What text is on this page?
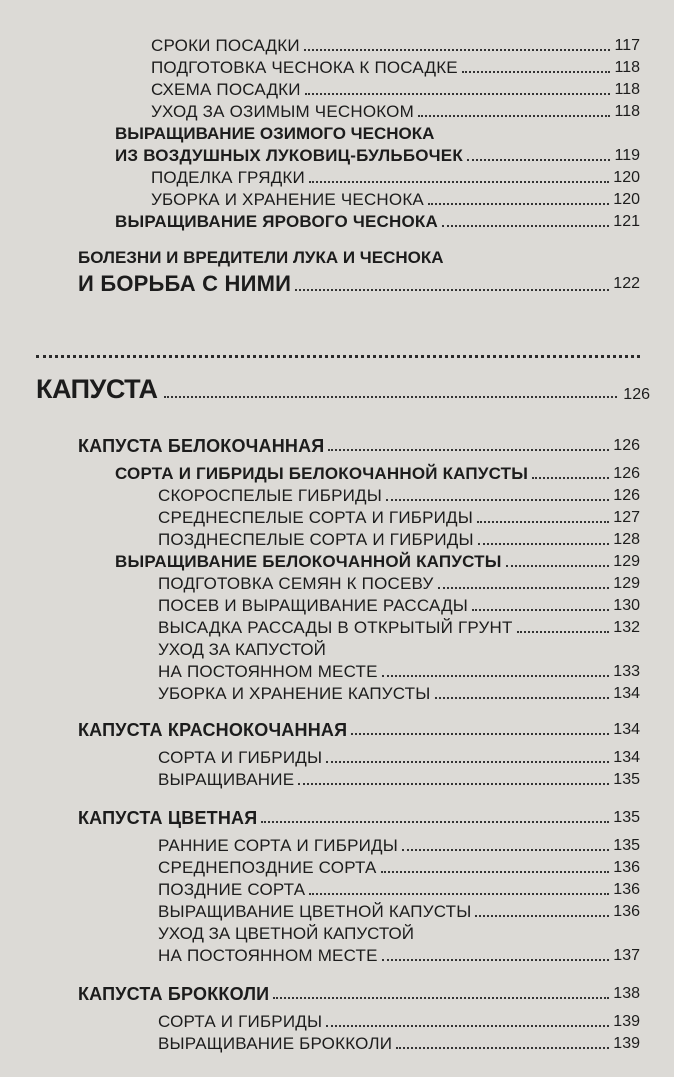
СРОКИ ПОСАДКИ	117
ПОДГОТОВКА ЧЕСНОКА К ПОСАДКЕ	118
СХЕМА ПОСАДКИ	118
УХОД ЗА ОЗИМЫМ ЧЕСНОКОМ	118
ВЫРАЩИВАНИЕ ОЗИМОГО ЧЕСНОКА
ИЗ ВОЗДУШНЫХ ЛУКОВИЦ-БУЛЬБОЧЕК	119
ПОДЕЛКА ГРЯДКИ	120
УБОРКА И ХРАНЕНИЕ ЧЕСНОКА	120
ВЫРАЩИВАНИЕ ЯРОВОГО ЧЕСНОКА	121
БОЛЕЗНИ И ВРЕДИТЕЛИ ЛУКА И ЧЕСНОКА
И БОРЬБА С НИМИ	122
КАПУСТА	126
КАПУСТА БЕЛОКОЧАННАЯ	126
СОРТА И ГИБРИДЫ БЕЛОКОЧАННОЙ КАПУСТЫ	126
СКОРОСПЕЛЫЕ ГИБРИДЫ	126
СРЕДНЕСПЕЛЫЕ СОРТА И ГИБРИДЫ	127
ПОЗДНЕСПЕЛЫЕ СОРТА И ГИБРИДЫ	128
ВЫРАЩИВАНИЕ БЕЛОКОЧАННОЙ КАПУСТЫ	129
ПОДГОТОВКА СЕМЯН К ПОСЕВУ	129
ПОСЕВ И ВЫРАЩИВАНИЕ РАССАДЫ	130
ВЫСАДКА РАССАДЫ В ОТКРЫТЫЙ ГРУНТ	132
УХОД ЗА КАПУСТОЙ
НА ПОСТОЯННОМ МЕСТЕ	133
УБОРКА И ХРАНЕНИЕ КАПУСТЫ	134
КАПУСТА КРАСНОКОЧАННАЯ	134
СОРТА И ГИБРИДЫ	134
ВЫРАЩИВАНИЕ	135
КАПУСТА ЦВЕТНАЯ	135
РАННИЕ СОРТА И ГИБРИДЫ	135
СРЕДНЕПОЗДНИЕ СОРТА	136
ПОЗДНИЕ СОРТА	136
ВЫРАЩИВАНИЕ ЦВЕТНОЙ КАПУСТЫ	136
УХОД ЗА ЦВЕТНОЙ КАПУСТОЙ
НА ПОСТОЯННОМ МЕСТЕ	137
КАПУСТА БРОККОЛИ	138
СОРТА И ГИБРИДЫ	139
ВЫРАЩИВАНИЕ БРОККОЛИ	139
